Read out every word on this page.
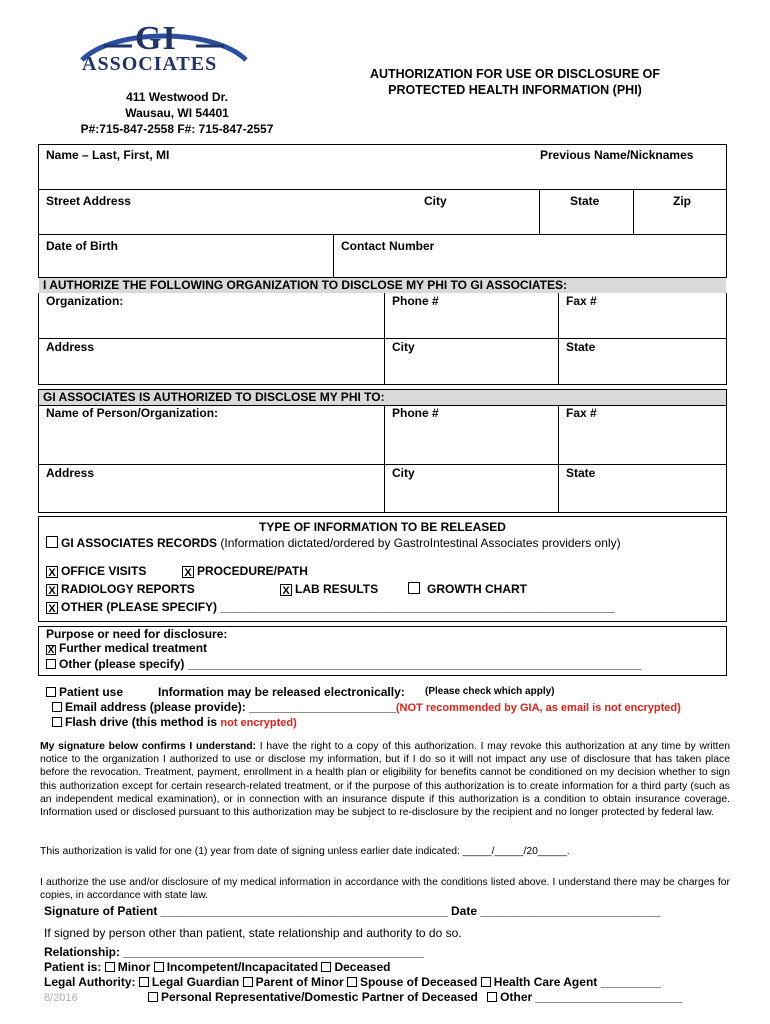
GI
ASSOCIATES
411 Westwood Dr.
Wausau, WI 54401
P#:715-847-2558 F#: 715-847-2557
AUTHORIZATION FOR USE OR DISCLOSURE OF
PROTECTED HEALTH INFORMATION (PHI)
Name – Last, First, MI	Previous Name/Nicknames
Street Address	City	State	Zip
Date of Birth	Contact Number
I AUTHORIZE THE FOLLOWING ORGANIZATION TO DISCLOSE MY PHI TO GI ASSOCIATES:
Organization:	Phone #	Fax #
Address	City	State
GI ASSOCIATES IS AUTHORIZED TO DISCLOSE MY PHI TO:
Name of Person/Organization:	Phone #	Fax #
Address	City	State
TYPE OF INFORMATION TO BE RELEASED
GI ASSOCIATES RECORDS (Information dictated/ordered by GastroIntestinal Associates providers only)
X OFFICE VISITS	X PROCEDURE/PATH
X RADIOLOGY REPORTS	X LAB RESULTS	GROWTH CHART
X OTHER (PLEASE SPECIFY) ___________________________________________________________
Purpose or need for disclosure:
X Further medical treatment
Other (please specify) ____________________________________________________________________
Patient use	Information may be released electronically: (Please check which apply)
Email address (please provide): ______________________(NOT recommended by GIA, as email is not encrypted)
Flash drive (this method is not encrypted)
My signature below confirms I understand: I have the right to a copy of this authorization. I may revoke this authorization at any time by written notice to the organization I authorized to use or disclose my information, but if I do so it will not impact any use of disclosure that has taken place before the revocation. Treatment, payment, enrollment in a health plan or eligibility for benefits cannot be conditioned on my decision whether to sign this authorization except for certain research-related treatment, or if the purpose of this authorization is to create information for a third party (such as an independent medical examination), or in connection with an insurance dispute if this authorization is a condition to obtain insurance coverage. Information used or disclosed pursuant to this authorization may be subject to re-disclosure by the recipient and no longer protected by federal law.
This authorization is valid for one (1) year from date of signing unless earlier date indicated: _____/_____/20_____.
I authorize the use and/or disclosure of my medical information in accordance with the conditions listed above. I understand there may be charges for copies, in accordance with state law.
Signature of Patient ___________________________________________ Date ___________________________
If signed by person other than patient, state relationship and authority to do so.
Relationship: _____________________________________________
Patient is: Minor Incompetent/Incapacitated Deceased
Legal Authority: Legal Guardian Parent of Minor Spouse of Deceased Health Care Agent _________
8/2016	Personal Representative/Domestic Partner of Deceased Other ______________________
